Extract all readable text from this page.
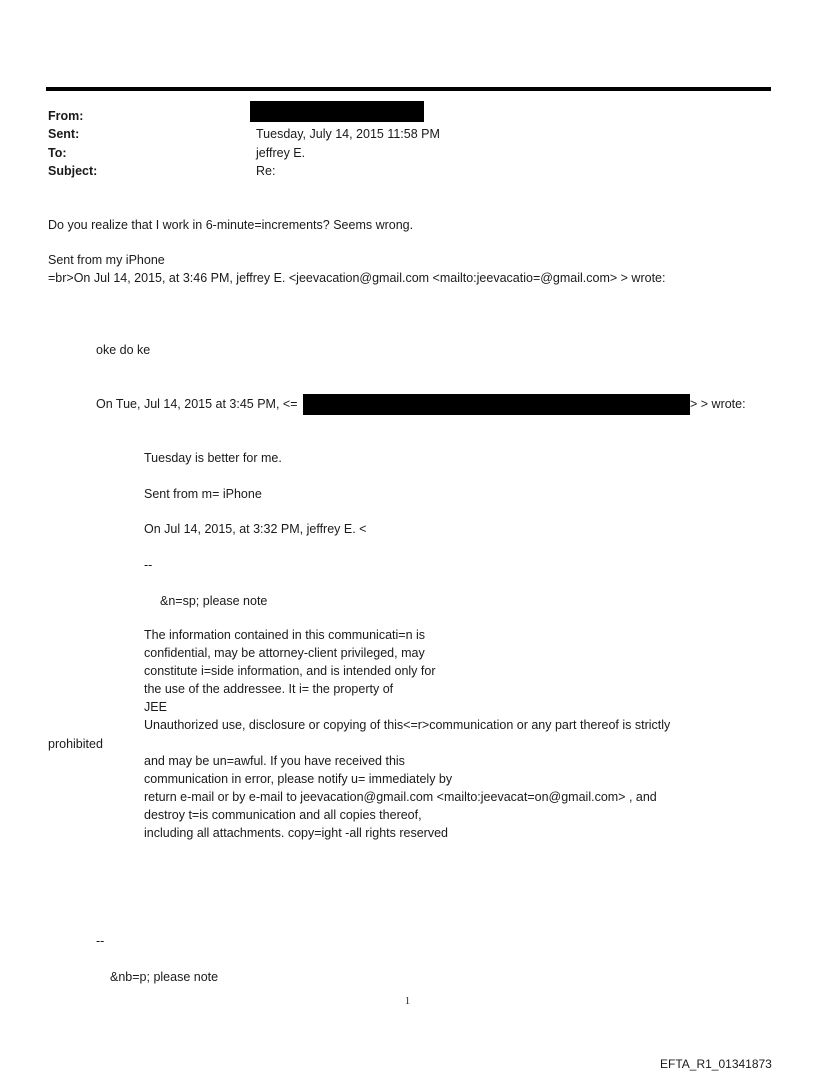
From:
Sent:	Tuesday, July 14, 2015 11:58 PM
To:	jeffrey E.
Subject:	Re:
Do you realize that I work in 6-minute=increments? Seems wrong.
Sent from my iPhone
=br>On Jul 14, 2015, at 3:46 PM, jeffrey E. <jeevacation@gmail.com <mailto:jeevacatio=@gmail.com> > wrote:
oke do ke
On Tue, Jul 14, 2015 at 3:45 PM, <=	> > wrote:
Tuesday is better for me.
Sent from m= iPhone
On Jul 14, 2015, at 3:32 PM, jeffrey E. <
--
&n=sp; please note
The information contained in this communicati=n is
confidential, may be attorney-client privileged, may
constitute i=side information, and is intended only for
the use of the addressee. It i= the property of
JEE
Unauthorized use, disclosure or copying of this<=r>communication or any part thereof is strictly
prohibited
and may be un=awful. If you have received this
communication in error, please notify u= immediately by
return e-mail or by e-mail to jeevacation@gmail.com <mailto:jeevacat=on@gmail.com> , and
destroy t=is communication and all copies thereof,
including all attachments. copy=ight -all rights reserved
--
&nb=p; please note
1
EFTA_R1_01341873
